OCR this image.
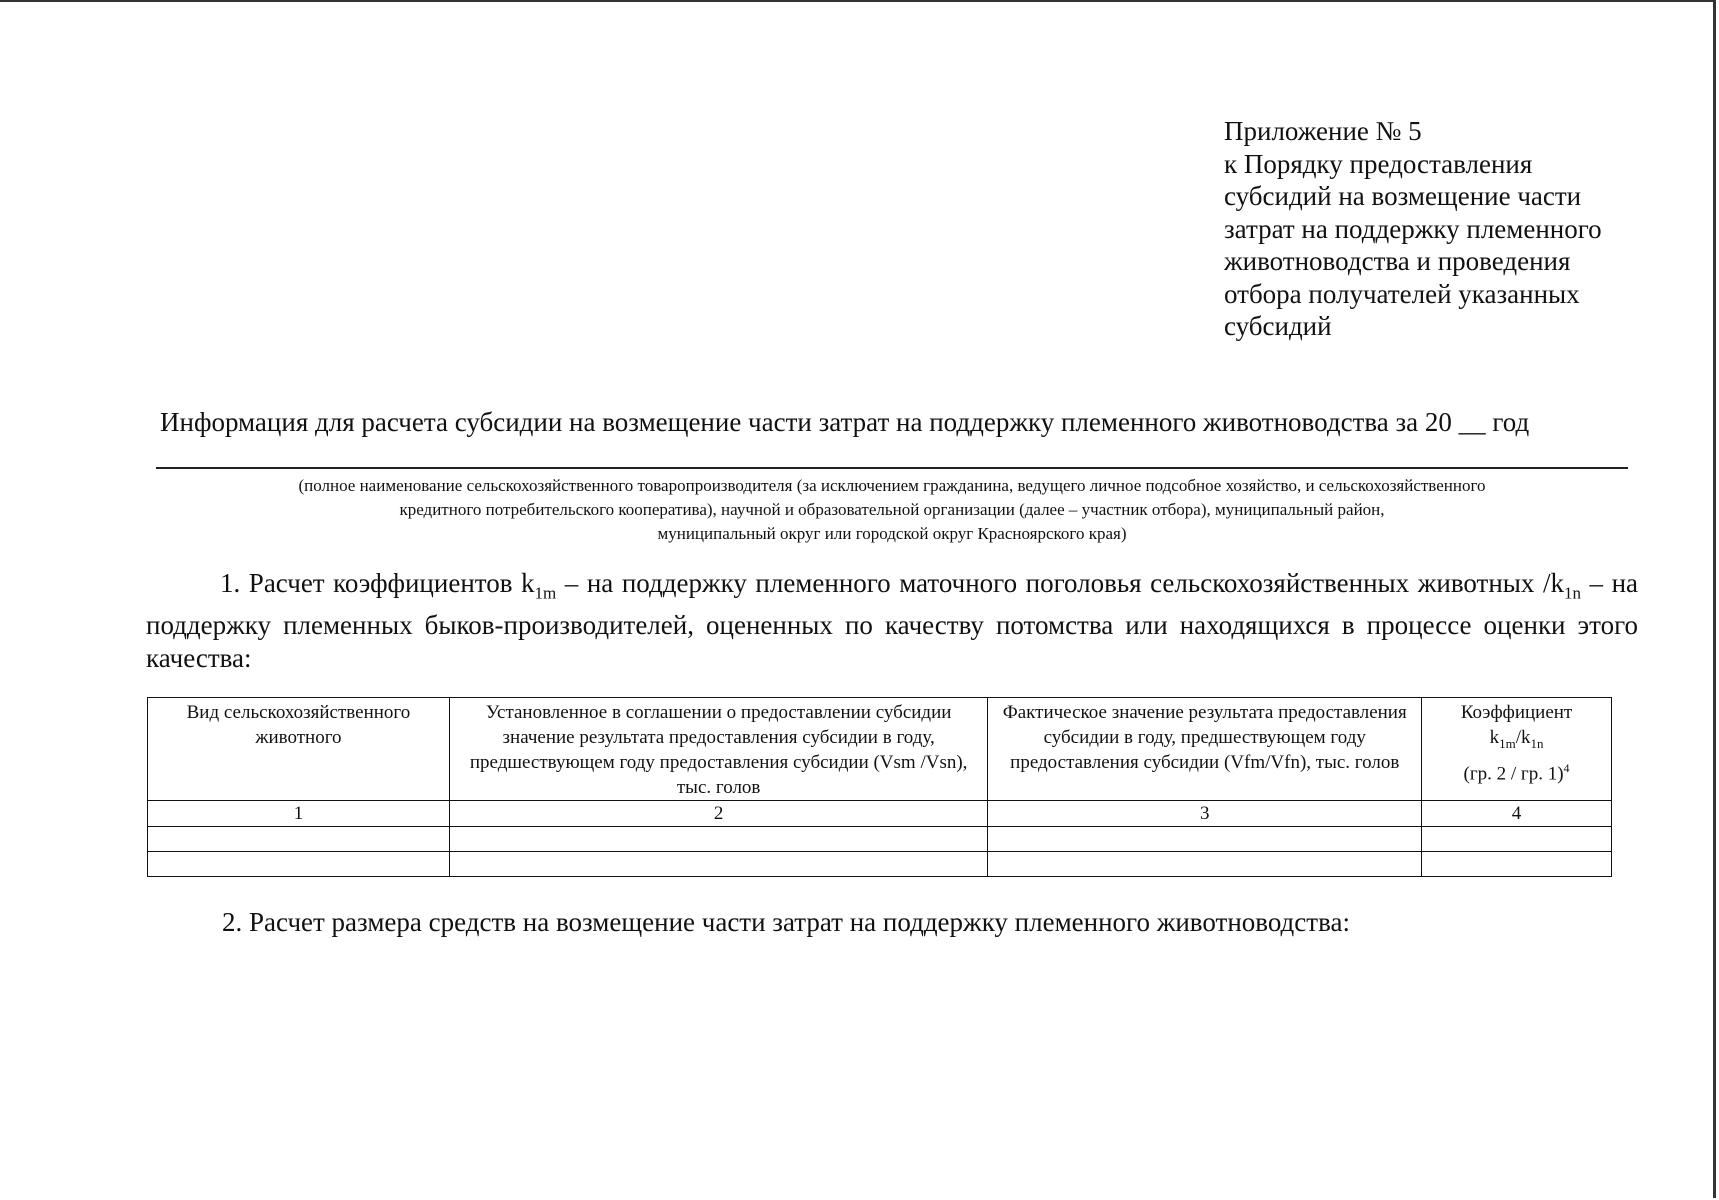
Приложение № 5
к Порядку предоставления
субсидий на возмещение части
затрат на поддержку племенного
животноводства и проведения
отбора получателей указанных
субсидий
Информация для расчета субсидии на возмещение части затрат на поддержку племенного животноводства за 20 __ год
(полное наименование сельскохозяйственного товаропроизводителя (за исключением гражданина, ведущего личное подсобное хозяйство, и сельскохозяйственного
кредитного потребительского кооператива), научной и образовательной организации (далее – участник отбора), муниципальный район,
муниципальный округ или городской округ Красноярского края)
1. Расчет коэффициентов $k_{1m}$ – на поддержку племенного маточного поголовья сельскохозяйственных животных $/k_{1n}$ – на поддержку племенных быков-производителей, оцененных по качеству потомства или находящихся в процессе оценки этого качества:
Вид сельскохозяйственного животного	Установленное в соглашении о предоставлении субсидии значение результата предоставления субсидии в году, предшествующем году предоставления субсидии (Vsm /Vsn), тыс. голов	Фактическое значение результата предоставления субсидии в году, предшествующем году предоставления субсидии (Vfm/Vfn), тыс. голов	Коэффициент
$k_{1m}/k_{1n}$
(гр. 2 / гр. 1)$^4$

1	2	3	4

2. Расчет размера средств на возмещение части затрат на поддержку племенного животноводства:
